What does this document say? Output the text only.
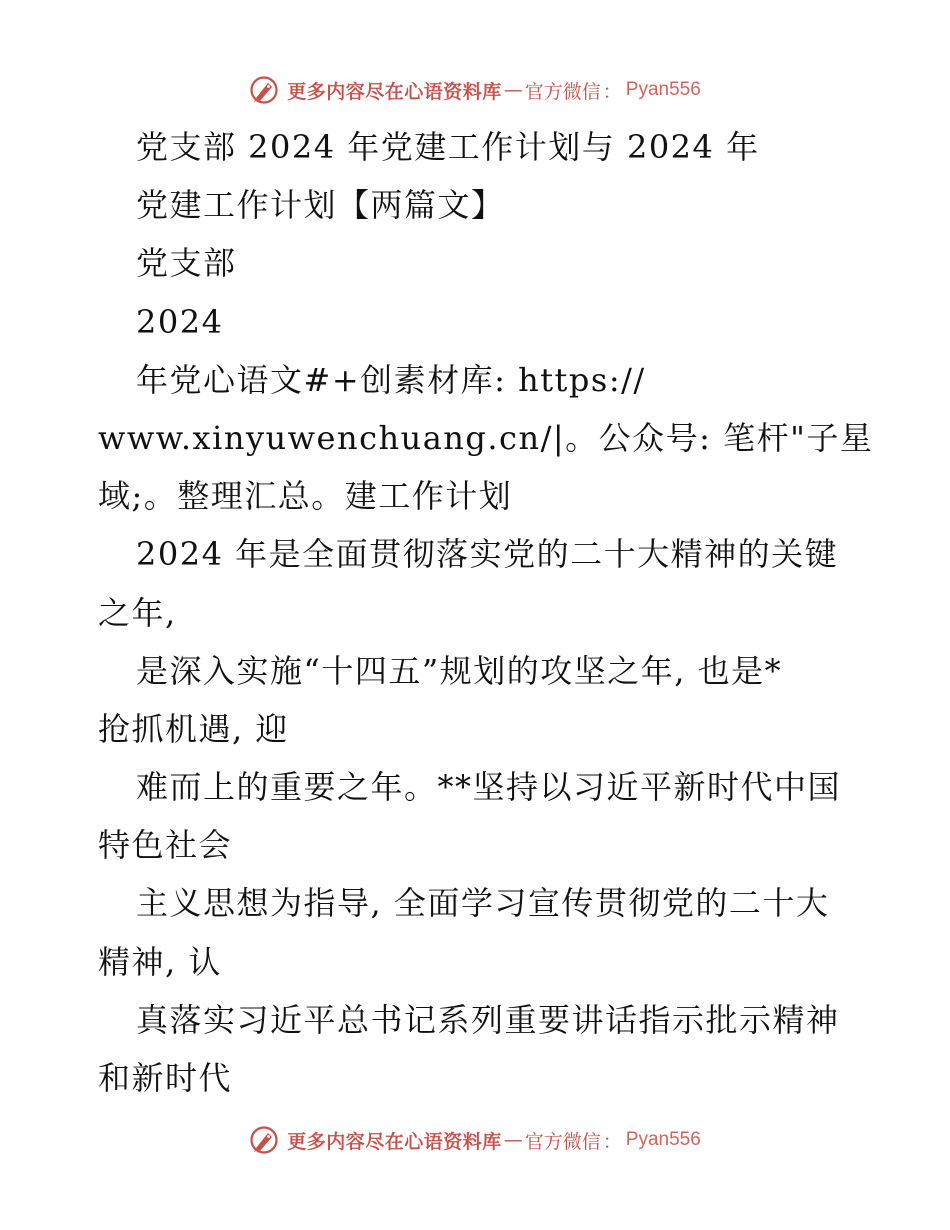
更多内容尽在心语资料库 — 官方微信 ： Pyan556
党支部 2024 年党建工作计划与 2024 年
党建工作计划【两篇文】
党支部
2024
年党心语文#+创素材库: https://
www.xinyuwenchuang.cn/|。公众号: 笔杆"子星
域;。整理汇总。建工作计划
2024 年是全面贯彻落实党的二十大精神的关键
之年,
是深入实施“十四五”规划的攻坚之年, 也是*
抢抓机遇, 迎
难而上的重要之年。**坚持以习近平新时代中国
特色社会
主义思想为指导, 全面学习宣传贯彻党的二十大
精神, 认
真落实习近平总书记系列重要讲话指示批示精神
和新时代
更多内容尽在心语资料库 — 官方微信 ： Pyan556
